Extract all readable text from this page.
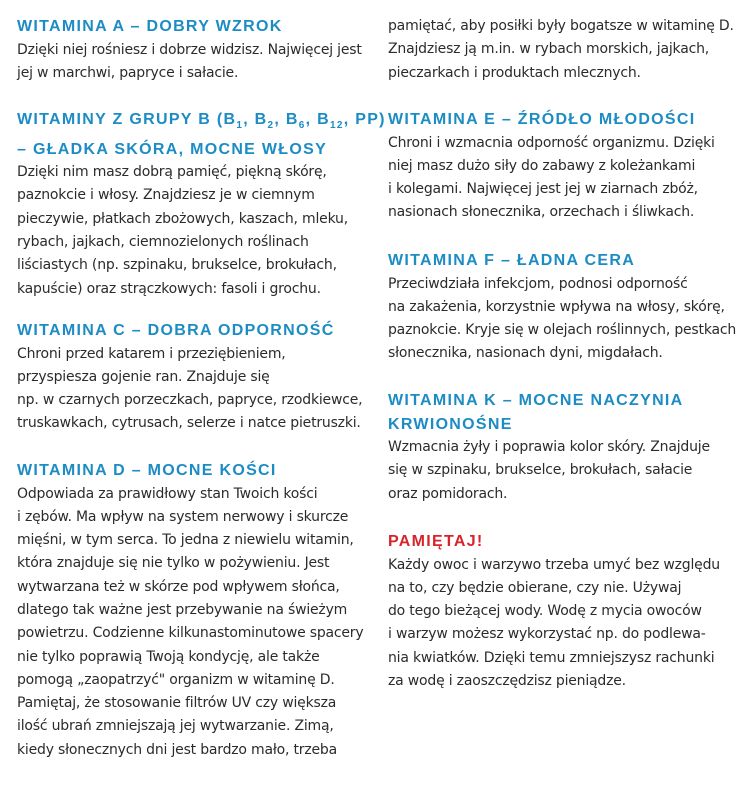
WITAMINA A – DOBRY WZROK

Dzięki niej rośniesz i dobrze widzisz. Najwięcej jest
jej w marchwi, papryce i sałacie.

WITAMINY Z GRUPY B ($B_1$, $B_2$, $B_6$, $B_{12}$, PP)
– GŁADKA SKÓRA, MOCNE WŁOSY

Dzięki nim masz dobrą pamięć, piękną skórę,
paznokcie i włosy. Znajdziesz je w ciemnym
pieczywie, płatkach zbożowych, kaszach, mleku,
rybach, jajkach, ciemnozielonych roślinach
liściastych (np. szpinaku, brukselce, brokułach,
kapuście) oraz strączkowych: fasoli i grochu.

WITAMINA C – DOBRA ODPORNOŚĆ

Chroni przed katarem i przeziębieniem,
przyspiesza gojenie ran. Znajduje się
np. w czarnych porzeczkach, papryce, rzodkiewce,
truskawkach, cytrusach, selerze i natce pietruszki.

WITAMINA D – MOCNE KOŚCI

Odpowiada za prawidłowy stan Twoich kości
i zębów. Ma wpływ na system nerwowy i skurcze
mięśni, w tym serca. To jedna z niewielu witamin,
która znajduje się nie tylko w pożywieniu. Jest
wytwarzana też w skórze pod wpływem słońca,
dlatego tak ważne jest przebywanie na świeżym
powietrzu. Codzienne kilkunastominutowe spacery
nie tylko poprawią Twoją kondycję, ale także
pomogą „zaopatrzyć" organizm w witaminę D.
Pamiętaj, że stosowanie filtrów UV czy większa
ilość ubrań zmniejszają jej wytwarzanie. Zimą,
kiedy słonecznych dni jest bardzo mało, trzeba

pamiętać, aby posiłki były bogatsze w witaminę D.
Znajdziesz ją m.in. w rybach morskich, jajkach,
pieczarkach i produktach mlecznych.

WITAMINA E – ŹRÓDŁO MŁODOŚCI

Chroni i wzmacnia odporność organizmu. Dzięki
niej masz dużo siły do zabawy z koleżankami
i kolegami. Najwięcej jest jej w ziarnach zbóż,
nasionach słonecznika, orzechach i śliwkach.

WITAMINA F – ŁADNA CERA

Przeciwdziała infekcjom, podnosi odporność
na zakażenia, korzystnie wpływa na włosy, skórę,
paznokcie. Kryje się w olejach roślinnych, pestkach
słonecznika, nasionach dyni, migdałach.

WITAMINA K – MOCNE NACZYNIA
KRWIONOŚNE

Wzmacnia żyły i poprawia kolor skóry. Znajduje
się w szpinaku, brukselce, brokułach, sałacie
oraz pomidorach.

PAMIĘTAJ!

Każdy owoc i warzywo trzeba umyć bez względu
na to, czy będzie obierane, czy nie. Używaj
do tego bieżącej wody. Wodę z mycia owoców
i warzyw możesz wykorzystać np. do podlewa-
nia kwiatków. Dzięki temu zmniejszysz rachunki
za wodę i zaoszczędzisz pieniądze.
